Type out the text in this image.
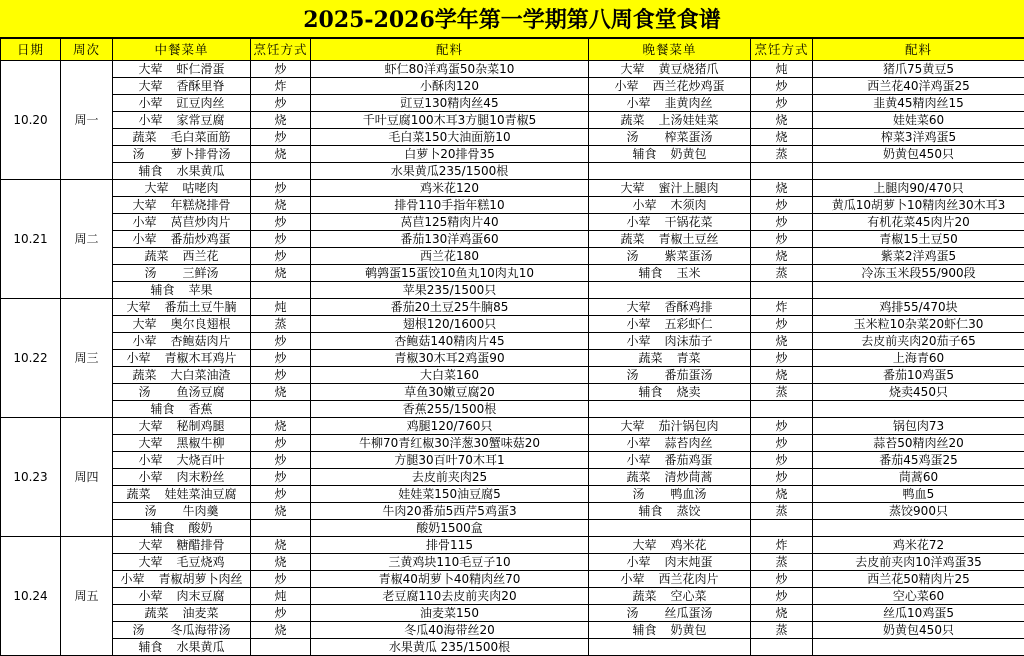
2025-2026学年第一学期第八周食堂食谱
日期	周次	中餐菜单	烹饪方式	配料	晚餐菜单	烹饪方式	配料
10.20	周一	大荤 虾仁滑蛋	炒	虾仁80洋鸡蛋50杂菜10	大荤 黄豆烧猪爪	炖	猪爪75黄豆5
		大荤 香酥里脊	炸	小酥肉120	小荤 西兰花炒鸡蛋	炒	西兰花40洋鸡蛋25
		小荤 豇豆肉丝	炒	豇豆130精肉丝45	小荤 韭黄肉丝	炒	韭黄45精肉丝15
		小荤 家常豆腐	烧	千叶豆腐100木耳3方腿10青椒5	蔬菜 上汤娃娃菜	烧	娃娃菜60
		蔬菜 毛白菜面筋	炒	毛白菜150大油面筋10	汤 榨菜蛋汤	烧	榨菜3洋鸡蛋5
		汤 萝卜排骨汤	烧	白萝卜20排骨35	辅食 奶黄包	蒸	奶黄包450只
		辅食 水果黄瓜		水果黄瓜235/1500根			
10.21	周二	大荤 咕咾肉	炒	鸡米花120	大荤 蜜汁上腿肉	烧	上腿肉90/470只
		大荤 年糕烧排骨	烧	排骨110手指年糕10	小荤 木须肉	炒	黄瓜10胡萝卜10精肉丝30木耳3
		小荤 莴苣炒肉片	炒	莴苣125精肉片40	小荤 干锅花菜	炒	有机花菜45肉片20
		小荤 番茄炒鸡蛋	炒	番茄130洋鸡蛋60	蔬菜 青椒土豆丝	炒	青椒15土豆50
		蔬菜 西兰花	炒	西兰花180	汤 紫菜蛋汤	烧	紫菜2洋鸡蛋5
		汤 三鲜汤	烧	鹌鹑蛋15蛋饺10鱼丸10肉丸10	辅食 玉米	蒸	冷冻玉米段55/900段
		辅食 苹果		苹果235/1500只			
10.22	周三	大荤 番茄土豆牛腩	炖	番茄20土豆25牛腩85	大荤 香酥鸡排	炸	鸡排55/470块
		大荤 奥尔良翅根	蒸	翅根120/1600只	小荤 五彩虾仁	炒	玉米粒10杂菜20虾仁30
		小荤 杏鲍菇肉片	炒	杏鲍菇140精肉片45	小荤 肉沫茄子	烧	去皮前夹肉20茄子65
		小荤 青椒木耳鸡片	炒	青椒30木耳2鸡蛋90	蔬菜 青菜	炒	上海青60
		蔬菜 大白菜油渣	炒	大白菜160	汤 番茄蛋汤	烧	番茄10鸡蛋5
		汤 鱼汤豆腐	烧	草鱼30嫩豆腐20	辅食 烧卖	蒸	烧卖450只
		辅食 香蕉		香蕉255/1500根			
10.23	周四	大荤 秘制鸡腿	烧	鸡腿120/760只	大荤 茄汁锅包肉	炒	锅包肉73
		大荤 黑椒牛柳	炒	牛柳70青红椒30洋葱30蟹味菇20	小荤 蒜苔肉丝	炒	蒜苔50精肉丝20
		小荤 大烧百叶	炒	方腿30百叶70木耳1	小荤 番茄鸡蛋	炒	番茄45鸡蛋25
		小荤 肉末粉丝	炒	去皮前夹肉25	蔬菜 清炒茼蒿	炒	茼蒿60
		蔬菜 娃娃菜油豆腐	炒	娃娃菜150油豆腐5	汤 鸭血汤	烧	鸭血5
		汤 牛肉羹	烧	牛肉20番茄5西芹5鸡蛋3	辅食 蒸饺	蒸	蒸饺900只
		辅食 酸奶		酸奶1500盒			
10.24	周五	大荤 糖醋排骨	烧	排骨115	大荤 鸡米花	炸	鸡米花72
		大荤 毛豆烧鸡	烧	三黄鸡块110毛豆子10	小荤 肉末炖蛋	蒸	去皮前夹肉10洋鸡蛋35
		小荤 青椒胡萝卜肉丝	炒	青椒40胡萝卜40精肉丝70	小荤 西兰花肉片	炒	西兰花50精肉片25
		小荤 肉末豆腐	炖	老豆腐110去皮前夹肉20	蔬菜 空心菜	炒	空心菜60
		蔬菜 油麦菜	炒	油麦菜150	汤 丝瓜蛋汤	烧	丝瓜10鸡蛋5
		汤 冬瓜海带汤	烧	冬瓜40海带丝20	辅食 奶黄包	蒸	奶黄包450只
		辅食 水果黄瓜		水果黄瓜 235/1500根			
